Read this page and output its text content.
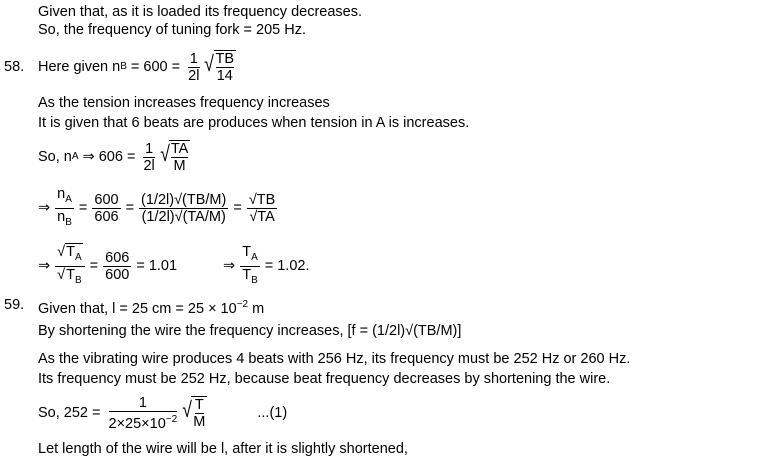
Given that, as it is loaded its frequency decreases.
So, the frequency of tuning fork = 205 Hz.
58. Here given n $B = 600 = \frac{1}{2l}$ √ $\frac{TB}{14}$
As the tension increases frequency increases
It is given that 6 beats are produces when tension in A is increases.
So, n A ⇒ $606 = \frac{1}{2l}$ √ $\frac{TA}{M}$
⇒ $\frac{n_A}{n_B} = \frac{600}{606} = \frac{(1/2l)√(TB/M)}{(1/2l)√(TA/M)} = \frac{√TB}{√TA}$
⇒ $\frac{√T_A}{√T_B} = \frac{606}{600} = 1.01$	⇒ $\frac{T_A}{T_B} = 1.02$.
59. Given that, l = 25 cm = $25 \times 10^{-2}$ m
By shortening the wire the frequency increases, [f = (1/2l)√(TB/M)]
As the vibrating wire produces 4 beats with 256 Hz, its frequency must be 252 Hz or 260 Hz.
Its frequency must be 252 Hz, because beat frequency decreases by shortening the wire.
So, $252 = \frac{1}{2\times 25\times 10^{-2}}$ √ $\frac{T}{M}$	...(1)
Let length of the wire will be l, after it is slightly shortened,
